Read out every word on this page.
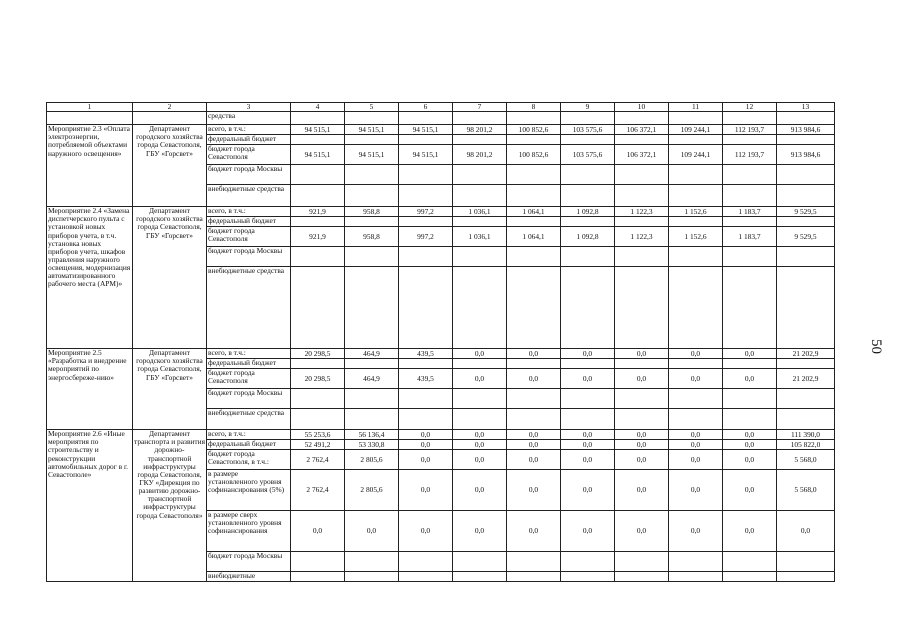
1	2	3	4	5	6	7	8	9	10	11	12	13
		средства										
Мероприятие 2.3 «Оплата электроэнергии, потребляемой объектами наружного освещения»	Департамент городского хозяйства города Севастополя, ГБУ «Горсвет»	всего, в т.ч.:	94 515,1	94 515,1	94 515,1	98 201,2	100 852,6	103 575,6	106 372,1	109 244,1	112 193,7	913 984,6
		федеральный бюджет										
		бюджет города Севастополя	94 515,1	94 515,1	94 515,1	98 201,2	100 852,6	103 575,6	106 372,1	109 244,1	112 193,7	913 984,6
		бюджет города Москвы										
		внебюджетные средства										
Мероприятие 2.4 «Замена диспетчерского пульта с установкой новых приборов учета, в т.ч. установка новых приборов учета, шкафов управления наружного освещения, модернизация автоматизированного рабочего места (АРМ)»	Департамент городского хозяйства города Севастополя, ГБУ «Горсвет»	всего, в т.ч.:	921,9	958,8	997,2	1 036,1	1 064,1	1 092,8	1 122,3	1 152,6	1 183,7	9 529,5
		федеральный бюджет										
		бюджет города Севастополя	921,9	958,8	997,2	1 036,1	1 064,1	1 092,8	1 122,3	1 152,6	1 183,7	9 529,5
		бюджет города Москвы										
		внебюджетные средства										
Мероприятие 2.5 «Разработка и внедрение мероприятий по энергосбереже-нию»	Департамент городского хозяйства города Севастополя, ГБУ «Горсвет»	всего, в т.ч.:	20 298,5	464,9	439,5	0,0	0,0	0,0	0,0	0,0	0,0	21 202,9
		федеральный бюджет										
		бюджет города Севастополя	20 298,5	464,9	439,5	0,0	0,0	0,0	0,0	0,0	0,0	21 202,9
		бюджет города Москвы										
		внебюджетные средства										
Мероприятие 2.6 «Иные мероприятия по строительству и реконструкции автомобильных дорог в г. Севастополе»	Департамент транспорта и развития дорожно-транспортной инфраструктуры города Севастополя, ГКУ «Дирекция по развитию дорожно-транспортной инфраструктуры города Севастополя»	всего, в т.ч.:	55 253,6	56 136,4	0,0	0,0	0,0	0,0	0,0	0,0	0,0	111 390,0
		федеральный бюджет	52 491,2	53 330,8	0,0	0,0	0,0	0,0	0,0	0,0	0,0	105 822,0
		бюджет города Севастополя, в т.ч.:	2 762,4	2 805,6	0,0	0,0	0,0	0,0	0,0	0,0	0,0	5 568,0
		в размере установленного уровня софинансирования (5%)	2 762,4	2 805,6	0,0	0,0	0,0	0,0	0,0	0,0	0,0	5 568,0
		в размере сверх установленного уровня софинансирования	0,0	0,0	0,0	0,0	0,0	0,0	0,0	0,0	0,0	0,0
		бюджет города Москвы										
		внебюджетные										
50
